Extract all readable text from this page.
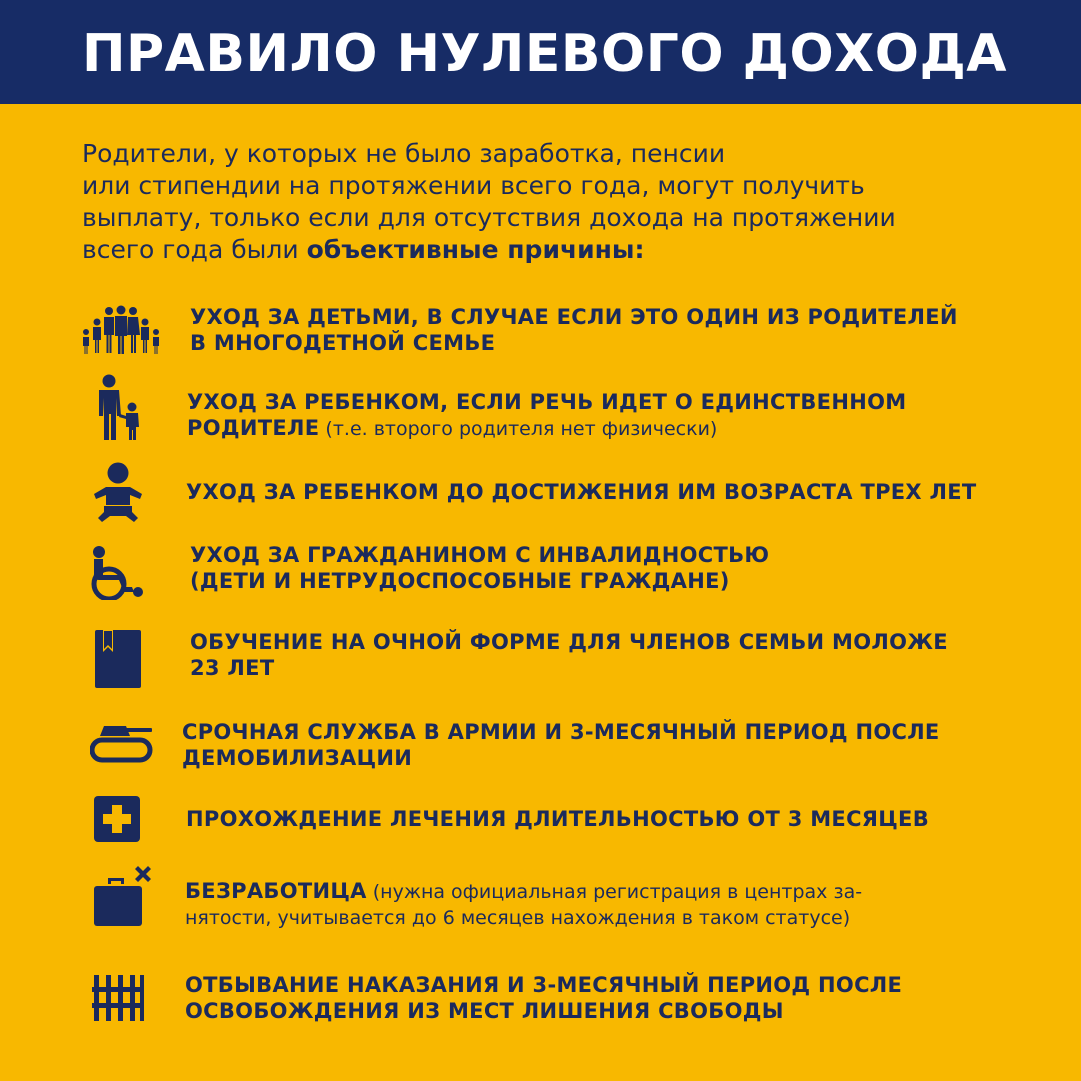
ПРАВИЛО НУЛЕВОГО ДОХОДА
Родители, у которых не было заработка, пенсии
или стипендии на протяжении всего года, могут получить
выплату, только если для отсутствия дохода на протяжении
всего года были объективные причины:
УХОД ЗА ДЕТЬМИ, В СЛУЧАЕ ЕСЛИ ЭТО ОДИН ИЗ РОДИТЕЛЕЙ
В МНОГОДЕТНОЙ СЕМЬЕ
УХОД ЗА РЕБЕНКОМ, ЕСЛИ РЕЧЬ ИДЕТ О ЕДИНСТВЕННОМ
РОДИТЕЛЕ (т.е. второго родителя нет физически)
УХОД ЗА РЕБЕНКОМ ДО ДОСТИЖЕНИЯ ИМ ВОЗРАСТА ТРЕХ ЛЕТ
УХОД ЗА ГРАЖДАНИНОМ С ИНВАЛИДНОСТЬЮ
(ДЕТИ И НЕТРУДОСПОСОБНЫЕ ГРАЖДАНЕ)
ОБУЧЕНИЕ НА ОЧНОЙ ФОРМЕ ДЛЯ ЧЛЕНОВ СЕМЬИ МОЛОЖЕ
23 ЛЕТ
СРОЧНАЯ СЛУЖБА В АРМИИ И 3-МЕСЯЧНЫЙ ПЕРИОД ПОСЛЕ
ДЕМОБИЛИЗАЦИИ
ПРОХОЖДЕНИЕ ЛЕЧЕНИЯ ДЛИТЕЛЬНОСТЬЮ ОТ 3 МЕСЯЦЕВ
БЕЗРАБОТИЦА (нужна официальная регистрация в центрах за-
нятости, учитывается до 6 месяцев нахождения в таком статусе)
ОТБЫВАНИЕ НАКАЗАНИЯ И 3-МЕСЯЧНЫЙ ПЕРИОД ПОСЛЕ
ОСВОБОЖДЕНИЯ ИЗ МЕСТ ЛИШЕНИЯ СВОБОДЫ
